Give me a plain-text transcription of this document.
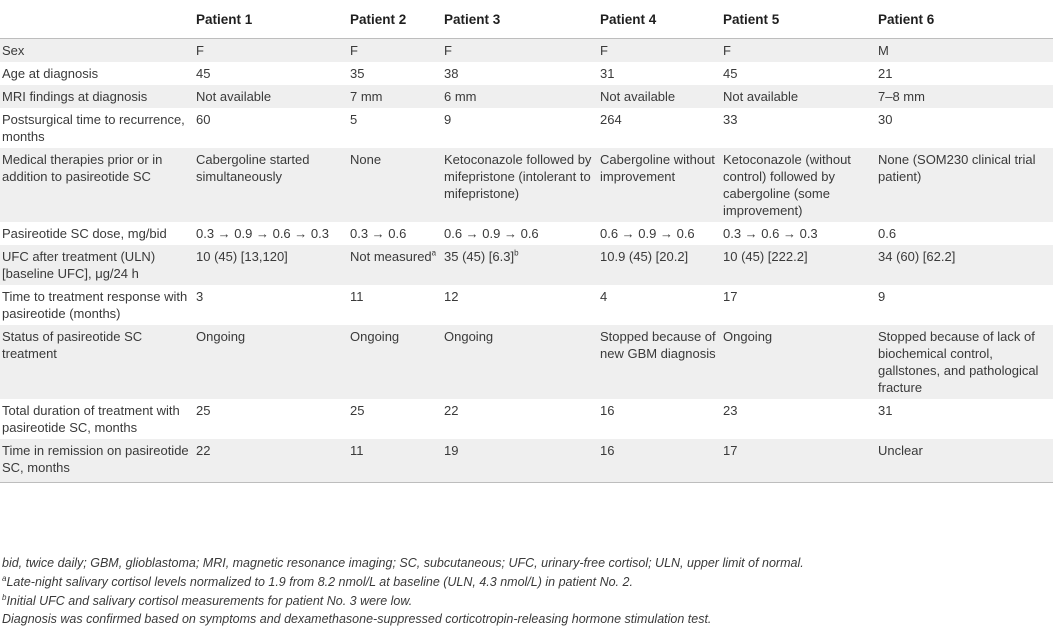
	Patient 1	Patient 2	Patient 3	Patient 4	Patient 5	Patient 6
Sex	F	F	F	F	F	M
Age at diagnosis	45	35	38	31	45	21
MRI findings at diagnosis	Not available	7 mm	6 mm	Not available	Not available	7–8 mm
Postsurgical time to recurrence, months	60	5	9	264	33	30
Medical therapies prior or in addition to pasireotide SC	Cabergoline started simultaneously	None	Ketoconazole followed by mifepristone (intolerant to mifepristone)	Cabergoline without improvement	Ketoconazole (without control) followed by cabergoline (some improvement)	None (SOM230 clinical trial patient)
Pasireotide SC dose, mg/bid	0.3 → 0.9 → 0.6 → 0.3	0.3 → 0.6	0.6 → 0.9 → 0.6	0.6 → 0.9 → 0.6	0.3 → 0.6 → 0.3	0.6
UFC after treatment (ULN) [baseline UFC], μg/24 h	10 (45) [13,120]	Not measured$^a$	35 (45) $[6.3]^b$	10.9 (45) [20.2]	10 (45) [222.2]	34 (60) [62.2]
Time to treatment response with pasireotide (months)	3	11	12	4	17	9
Status of pasireotide SC treatment	Ongoing	Ongoing	Ongoing	Stopped because of new GBM diagnosis	Ongoing	Stopped because of lack of biochemical control, gallstones, and pathological fracture
Total duration of treatment with pasireotide SC, months	25	25	22	16	23	31
Time in remission on pasireotide SC, months	22	11	19	16	17	Unclear
bid, twice daily; GBM, glioblastoma; MRI, magnetic resonance imaging; SC, subcutaneous; UFC, urinary-free cortisol; ULN, upper limit of normal.
$^a$Late-night salivary cortisol levels normalized to 1.9 from 8.2 nmol/L at baseline (ULN, 4.3 nmol/L) in patient No. 2.
$^b$Initial UFC and salivary cortisol measurements for patient No. 3 were low.
Diagnosis was confirmed based on symptoms and dexamethasone-suppressed corticotropin-releasing hormone stimulation test.
